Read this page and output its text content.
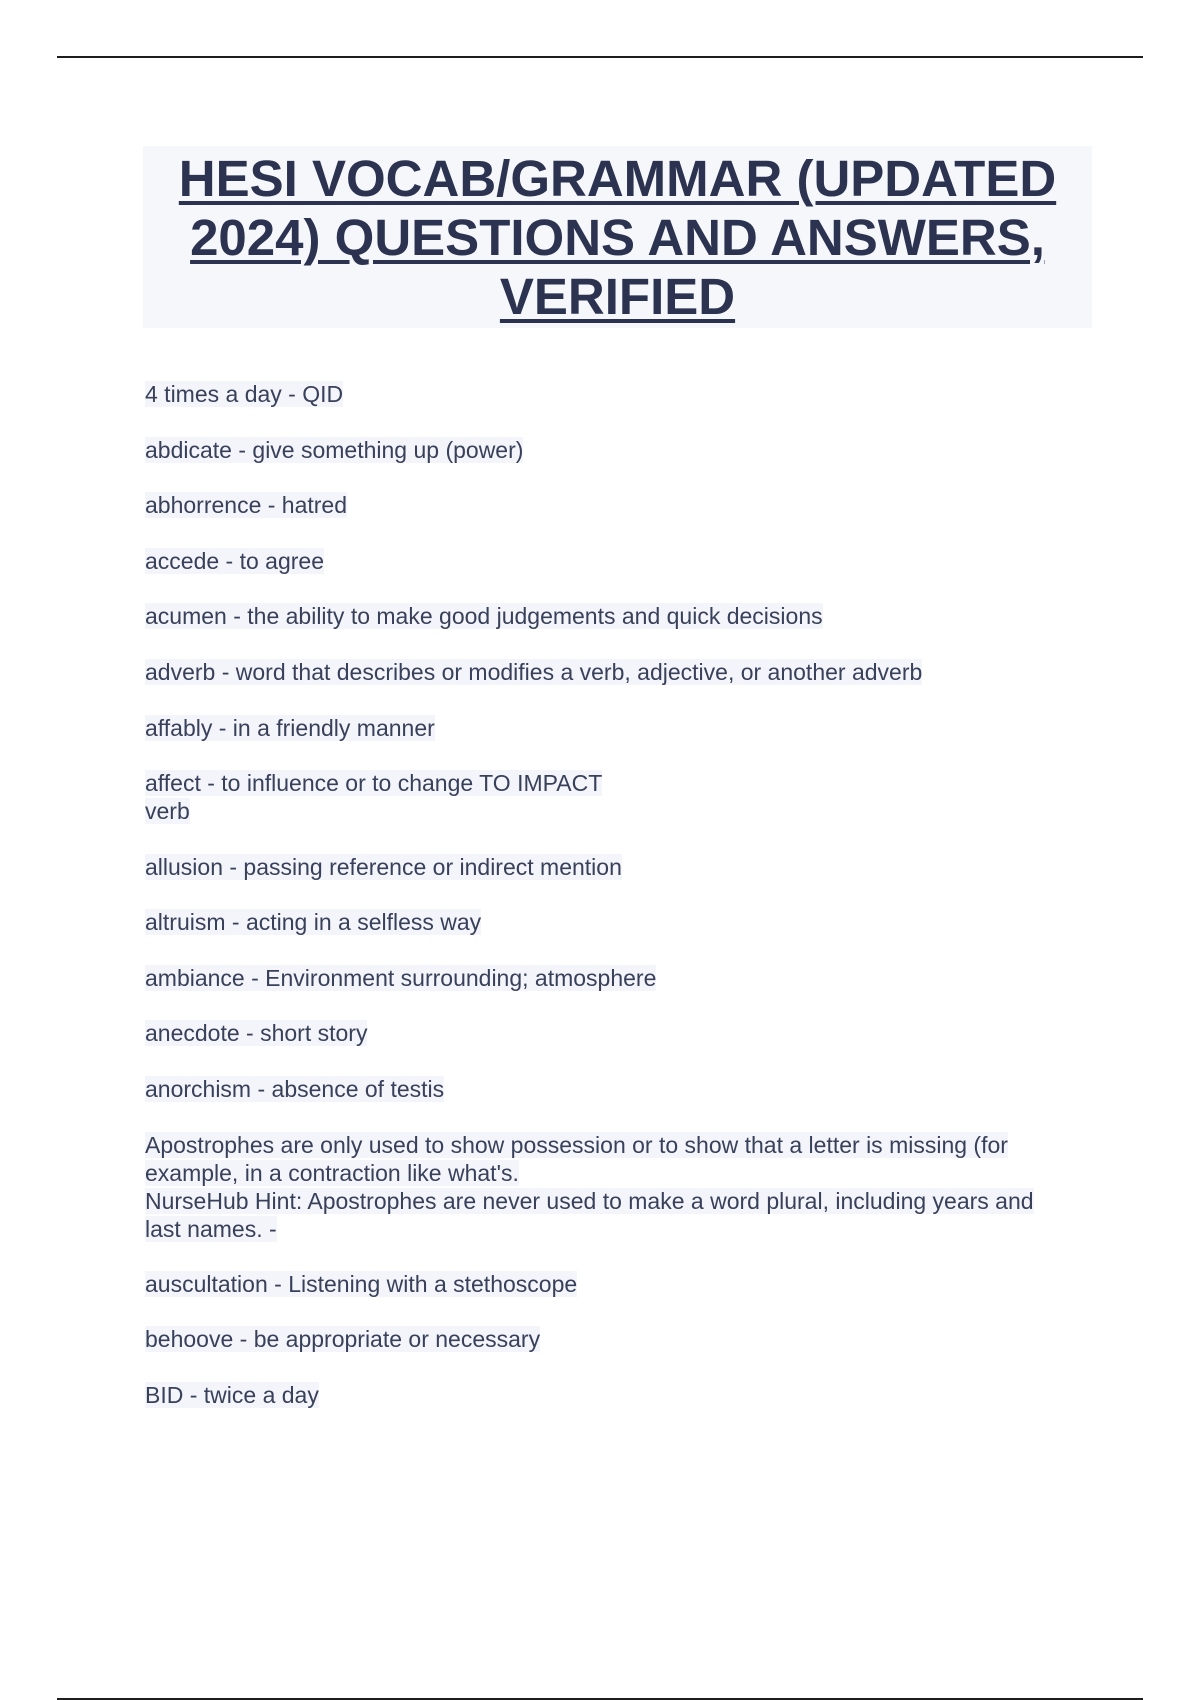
HESI VOCAB/GRAMMAR (UPDATED 2024) QUESTIONS AND ANSWERS, VERIFIED
4 times a day - QID
abdicate - give something up (power)
abhorrence - hatred
accede - to agree
acumen - the ability to make good judgements and quick decisions
adverb - word that describes or modifies a verb, adjective, or another adverb
affably - in a friendly manner
affect - to influence or to change TO IMPACT
verb
allusion - passing reference or indirect mention
altruism - acting in a selfless way
ambiance - Environment surrounding; atmosphere
anecdote - short story
anorchism - absence of testis
Apostrophes are only used to show possession or to show that a letter is missing (for
example, in a contraction like what's.
NurseHub Hint: Apostrophes are never used to make a word plural, including years and
last names. -
auscultation - Listening with a stethoscope
behoove - be appropriate or necessary
BID - twice a day
